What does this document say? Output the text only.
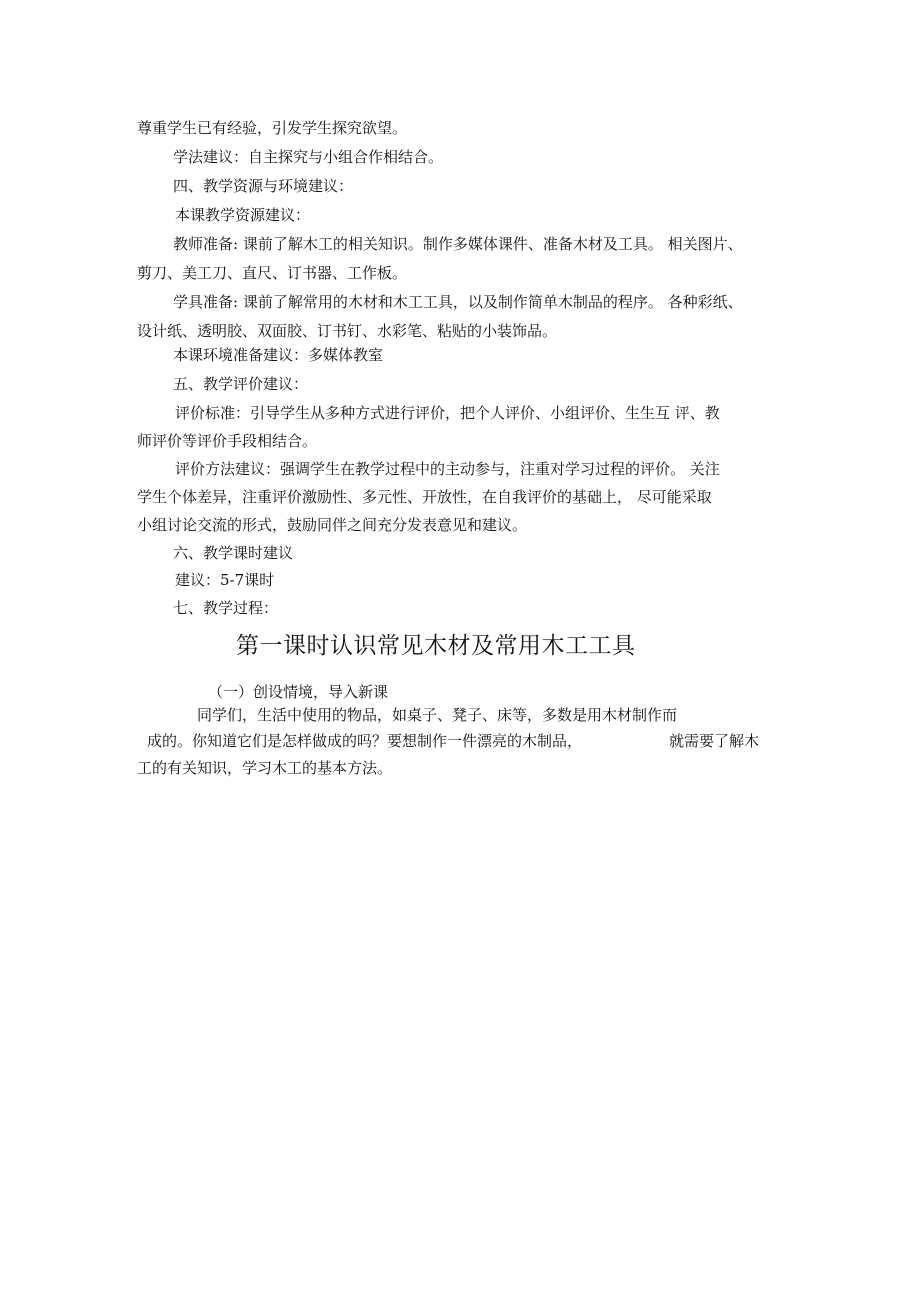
尊重学生已有经验，引发学生探究欲望。
学法建议：自主探究与小组合作相结合。
四、教学资源与环境建议：
本课教学资源建议：
教师准备: 课前了解木工的相关知识。制作多媒体课件、准备木材及工具。 相关图片、
剪刀、美工刀、直尺、订书器、工作板。
学具准备: 课前了解常用的木材和木工工具，以及制作简单木制品的程序。 各种彩纸、
设计纸、透明胶、双面胶、订书钉、水彩笔、粘贴的小装饰品。
本课环境准备建议：多媒体教室
五、教学评价建议：
评价标准：引导学生从多种方式进行评价，把个人评价、小组评价、生生互 评、教
师评价等评价手段相结合。
评价方法建议：强调学生在教学过程中的主动参与，注重对学习过程的评价。 关注
学生个体差异，注重评价激励性、多元性、开放性，在自我评价的基础上， 尽可能采取
小组讨论交流的形式，鼓励同伴之间充分发表意见和建议。
六、教学课时建议
建议：5-7课时
七、教学过程：
第一课时认识常见木材及常用木工工具
（一）创设情境，导入新课
同学们，生活中使用的物品，如桌子、凳子、床等，多数是用木材制作而
成的。你知道它们是怎样做成的吗？要想制作一件漂亮的木制品，	就需要了解木
工的有关知识，学习木工的基本方法。
